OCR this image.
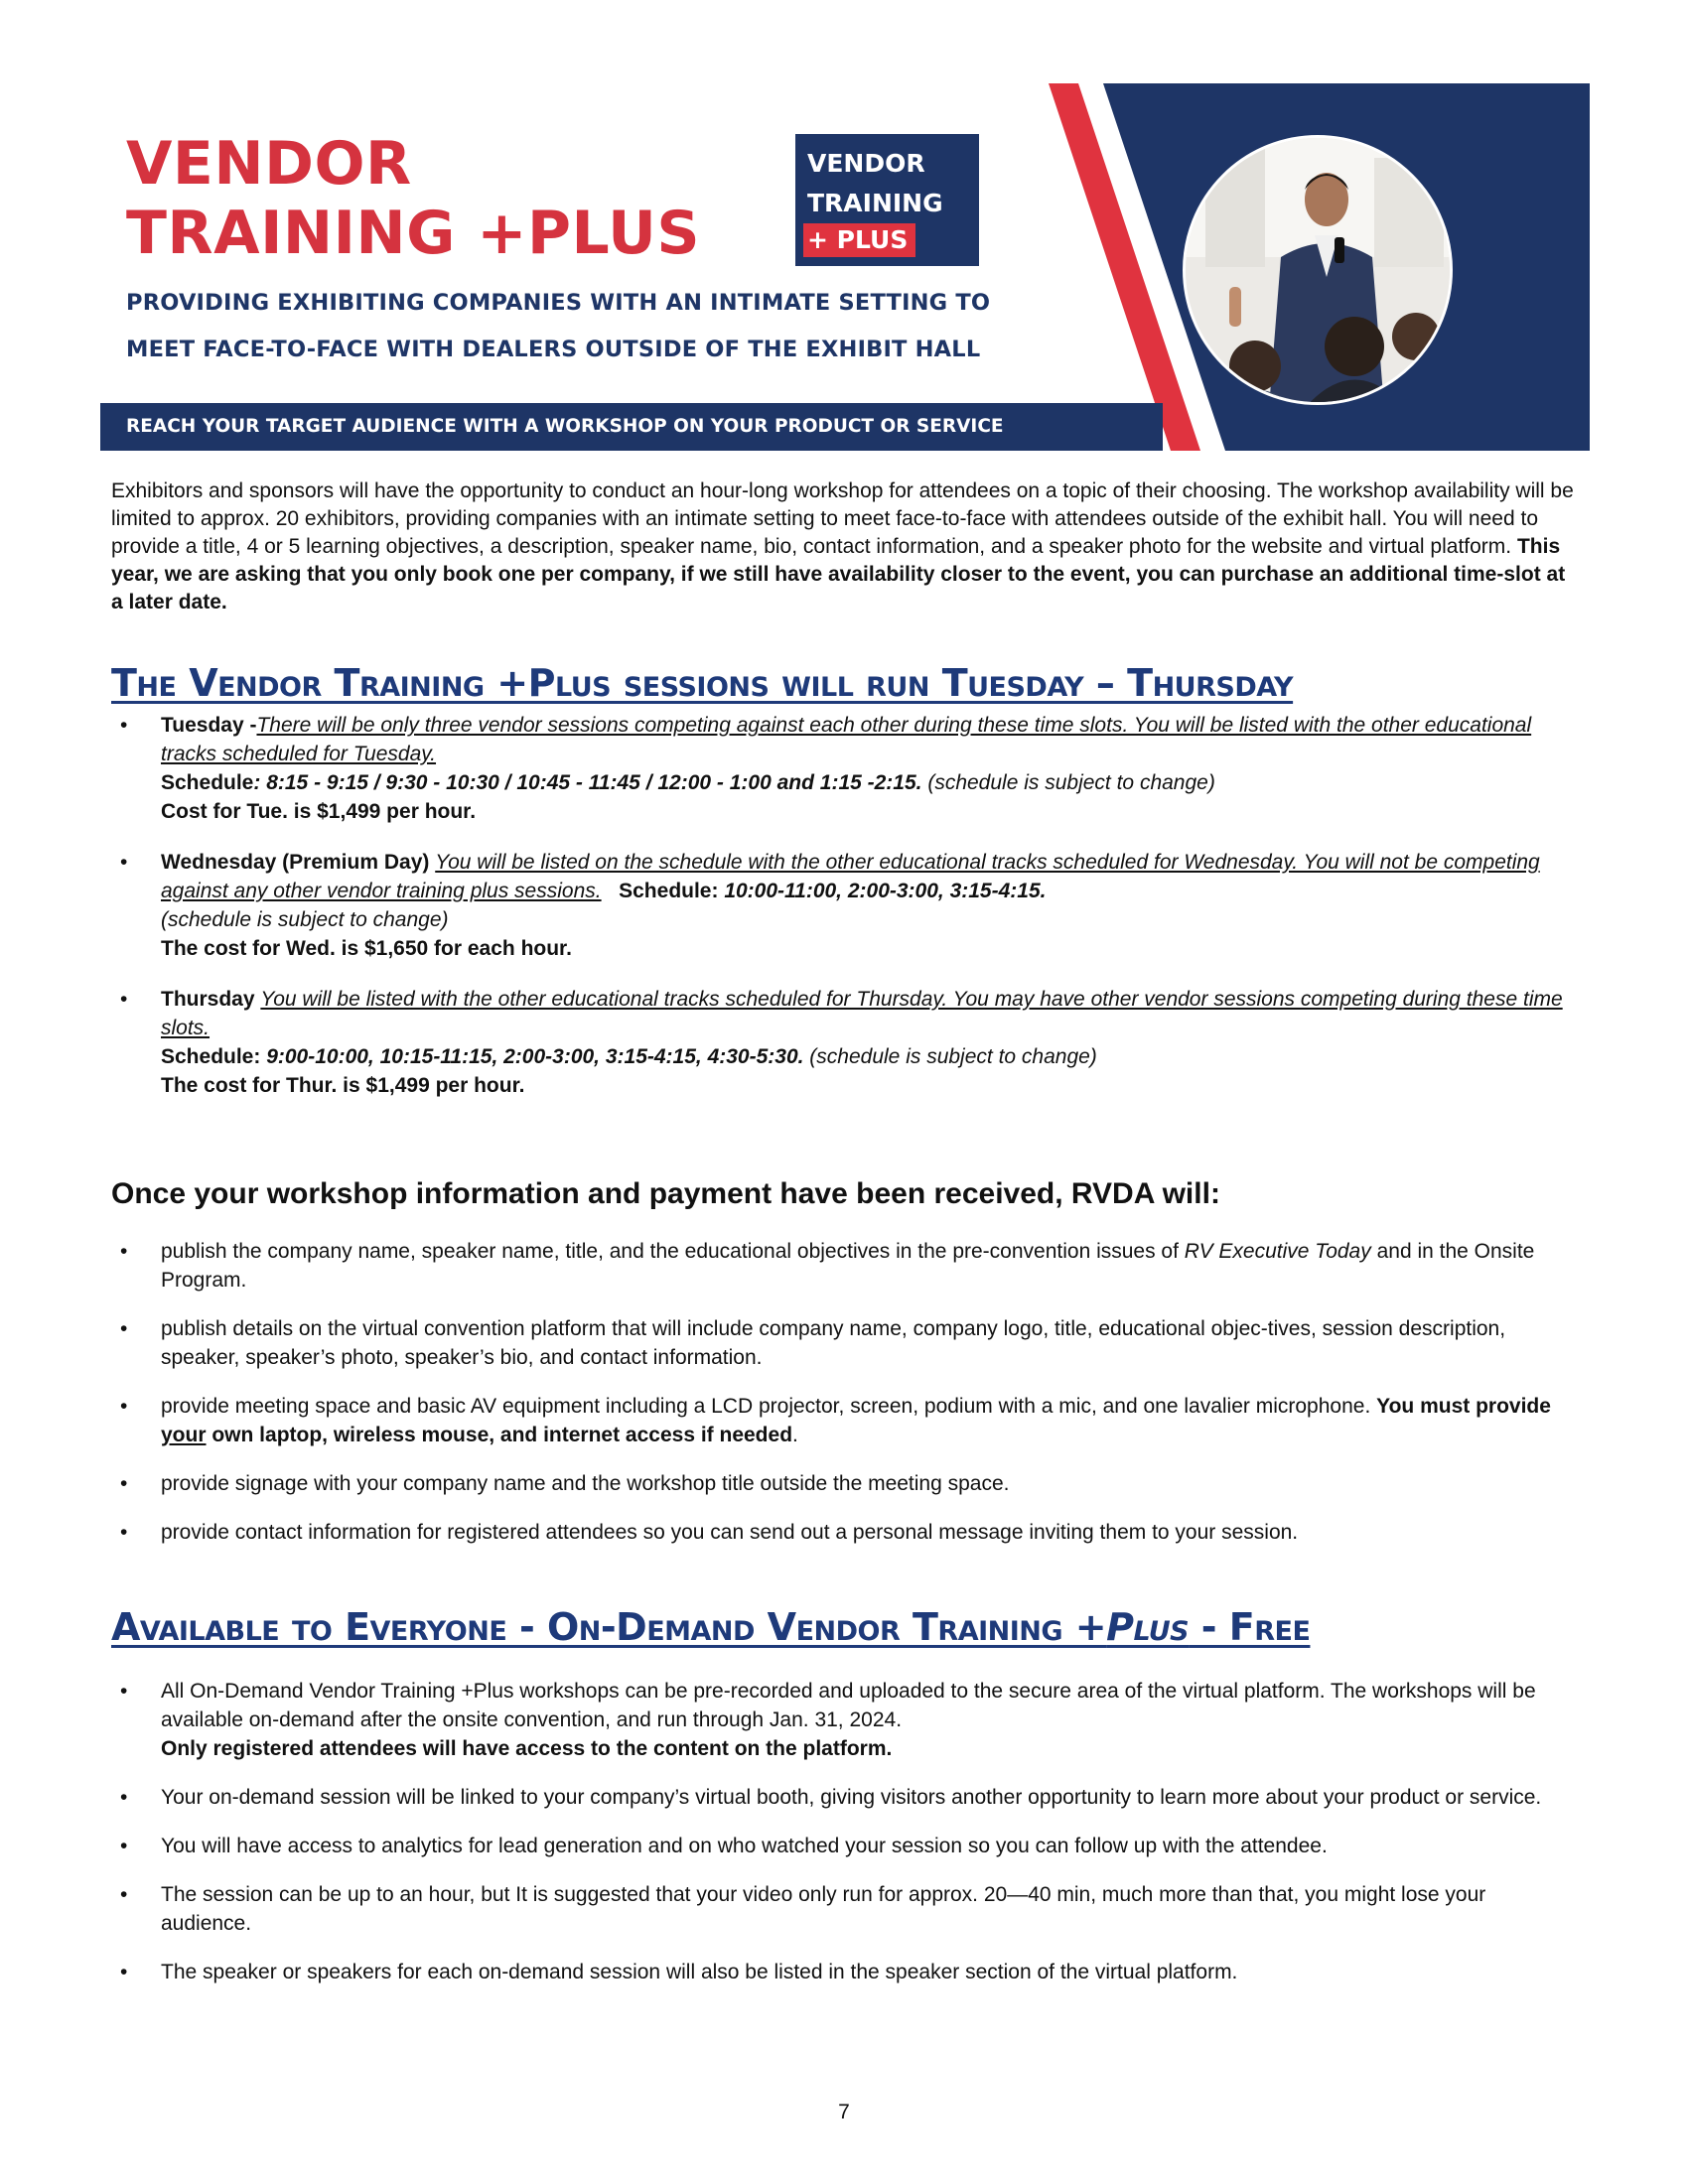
VENDOR
TRAINING +PLUS
VENDOR
TRAINING
+ PLUS
PROVIDING EXHIBITING COMPANIES WITH AN INTIMATE SETTING TO
MEET FACE-TO-FACE WITH DEALERS OUTSIDE OF THE EXHIBIT HALL
REACH YOUR TARGET AUDIENCE WITH A WORKSHOP ON YOUR PRODUCT OR SERVICE

Exhibitors and sponsors will have the opportunity to conduct an hour-long workshop for attendees on a topic of their choosing. The workshop availability will be limited to approx. 20 exhibitors, providing companies with an intimate setting to meet face-to-face with attendees outside of the exhibit hall. You will need to provide a title, 4 or 5 learning objectives, a description, speaker name, bio, contact information, and a speaker photo for the website and virtual platform. This year, we are asking that you only book one per company, if we still have availability closer to the event, you can purchase an additional time-slot at a later date.

The Vendor Training +Plus sessions will run Tuesday – Thursday
• Tuesday -There will be only three vendor sessions competing against each other during these time slots. You will be listed with the other educational tracks scheduled for Tuesday.
Schedule: 8:15 - 9:15 / 9:30 - 10:30 / 10:45 - 11:45 / 12:00 - 1:00 and 1:15 -2:15. (schedule is subject to change)
Cost for Tue. is $1,499 per hour.
• Wednesday (Premium Day) You will be listed on the schedule with the other educational tracks scheduled for Wednesday. You will not be competing against any other vendor training plus sessions. Schedule: 10:00-11:00, 2:00-3:00, 3:15-4:15.
(schedule is subject to change)
The cost for Wed. is $1,650 for each hour.
• Thursday You will be listed with the other educational tracks scheduled for Thursday. You may have other vendor sessions competing during these time slots.
Schedule: 9:00-10:00, 10:15-11:15, 2:00-3:00, 3:15-4:15, 4:30-5:30. (schedule is subject to change)
The cost for Thur. is $1,499 per hour.
Once your workshop information and payment have been received, RVDA will:
• publish the company name, speaker name, title, and the educational objectives in the pre-convention issues of RV Executive Today and in the Onsite Program.
• publish details on the virtual convention platform that will include company name, company logo, title, educational objec-tives, session description, speaker, speaker’s photo, speaker’s bio, and contact information.
• provide meeting space and basic AV equipment including a LCD projector, screen, podium with a mic, and one lavalier microphone. You must provide your own laptop, wireless mouse, and internet access if needed.
• provide signage with your company name and the workshop title outside the meeting space.
• provide contact information for registered attendees so you can send out a personal message inviting them to your session.
Available to Everyone - On-Demand Vendor Training +Plus - Free
• All On-Demand Vendor Training +Plus workshops can be pre-recorded and uploaded to the secure area of the virtual platform. The workshops will be available on-demand after the onsite convention, and run through Jan. 31, 2024.
Only registered attendees will have access to the content on the platform.
• Your on-demand session will be linked to your company’s virtual booth, giving visitors another opportunity to learn more about your product or service.
• You will have access to analytics for lead generation and on who watched your session so you can follow up with the attendee.
• The session can be up to an hour, but It is suggested that your video only run for approx. 20—40 min, much more than that, you might lose your audience.
• The speaker or speakers for each on-demand session will also be listed in the speaker section of the virtual platform.
7
